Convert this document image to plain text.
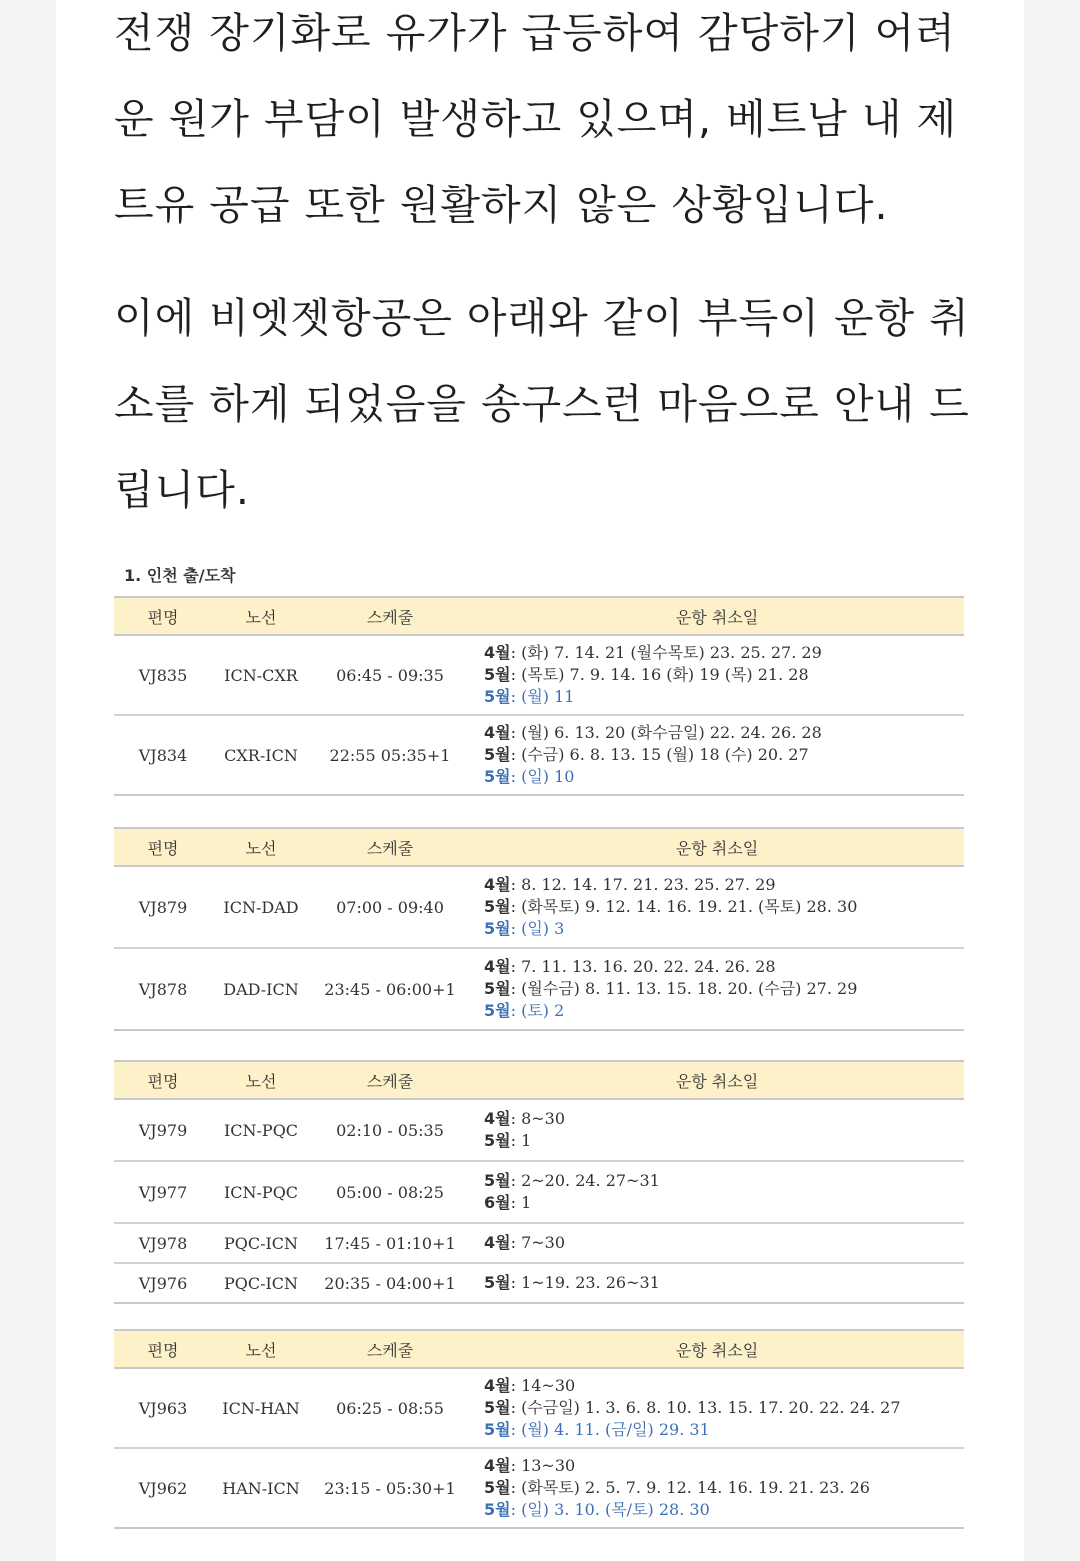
전쟁 장기화로 유가가 급등하여 감당하기 어려운 원가 부담이 발생하고 있으며, 베트남 내 제트유 공급 또한 원활하지 않은 상황입니다.

이에 비엣젯항공은 아래와 같이 부득이 운항 취소를 하게 되었음을 송구스런 마음으로 안내 드립니다.

1. 인천 출/도착
편명	노선	스케줄	운항 취소일
VJ835	ICN-CXR	06:45 - 09:35
4월: (화) 7. 14. 21 (월수목토) 23. 25. 27. 29
5월: (목토) 7. 9. 14. 16 (화) 19 (목) 21. 28
5월: (월) 11
VJ834	CXR-ICN	22:55 05:35+1
4월: (월) 6. 13. 20 (화수금일) 22. 24. 26. 28
5월: (수금) 6. 8. 13. 15 (월) 18 (수) 20. 27
5월: (일) 10
편명	노선	스케줄	운항 취소일
VJ879	ICN-DAD	07:00 - 09:40
4월: 8. 12. 14. 17. 21. 23. 25. 27. 29
5월: (화목토) 9. 12. 14. 16. 19. 21. (목토) 28. 30
5월: (일) 3
VJ878	DAD-ICN	23:45 - 06:00+1
4월: 7. 11. 13. 16. 20. 22. 24. 26. 28
5월: (월수금) 8. 11. 13. 15. 18. 20. (수금) 27. 29
5월: (토) 2
편명	노선	스케줄	운항 취소일
VJ979	ICN-PQC	02:10 - 05:35
4월: 8~30
5월: 1
VJ977	ICN-PQC	05:00 - 08:25
5월: 2~20. 24. 27~31
6월: 1
VJ978	PQC-ICN	17:45 - 01:10+1	4월: 7~30
VJ976	PQC-ICN	20:35 - 04:00+1	5월: 1~19. 23. 26~31
편명	노선	스케줄	운항 취소일
VJ963	ICN-HAN	06:25 - 08:55
4월: 14~30
5월: (수금일) 1. 3. 6. 8. 10. 13. 15. 17. 20. 22. 24. 27
5월: (월) 4. 11. (금/일) 29. 31
VJ962	HAN-ICN	23:15 - 05:30+1
4월: 13~30
5월: (화목토) 2. 5. 7. 9. 12. 14. 16. 19. 21. 23. 26
5월: (일) 3. 10. (목/토) 28. 30
